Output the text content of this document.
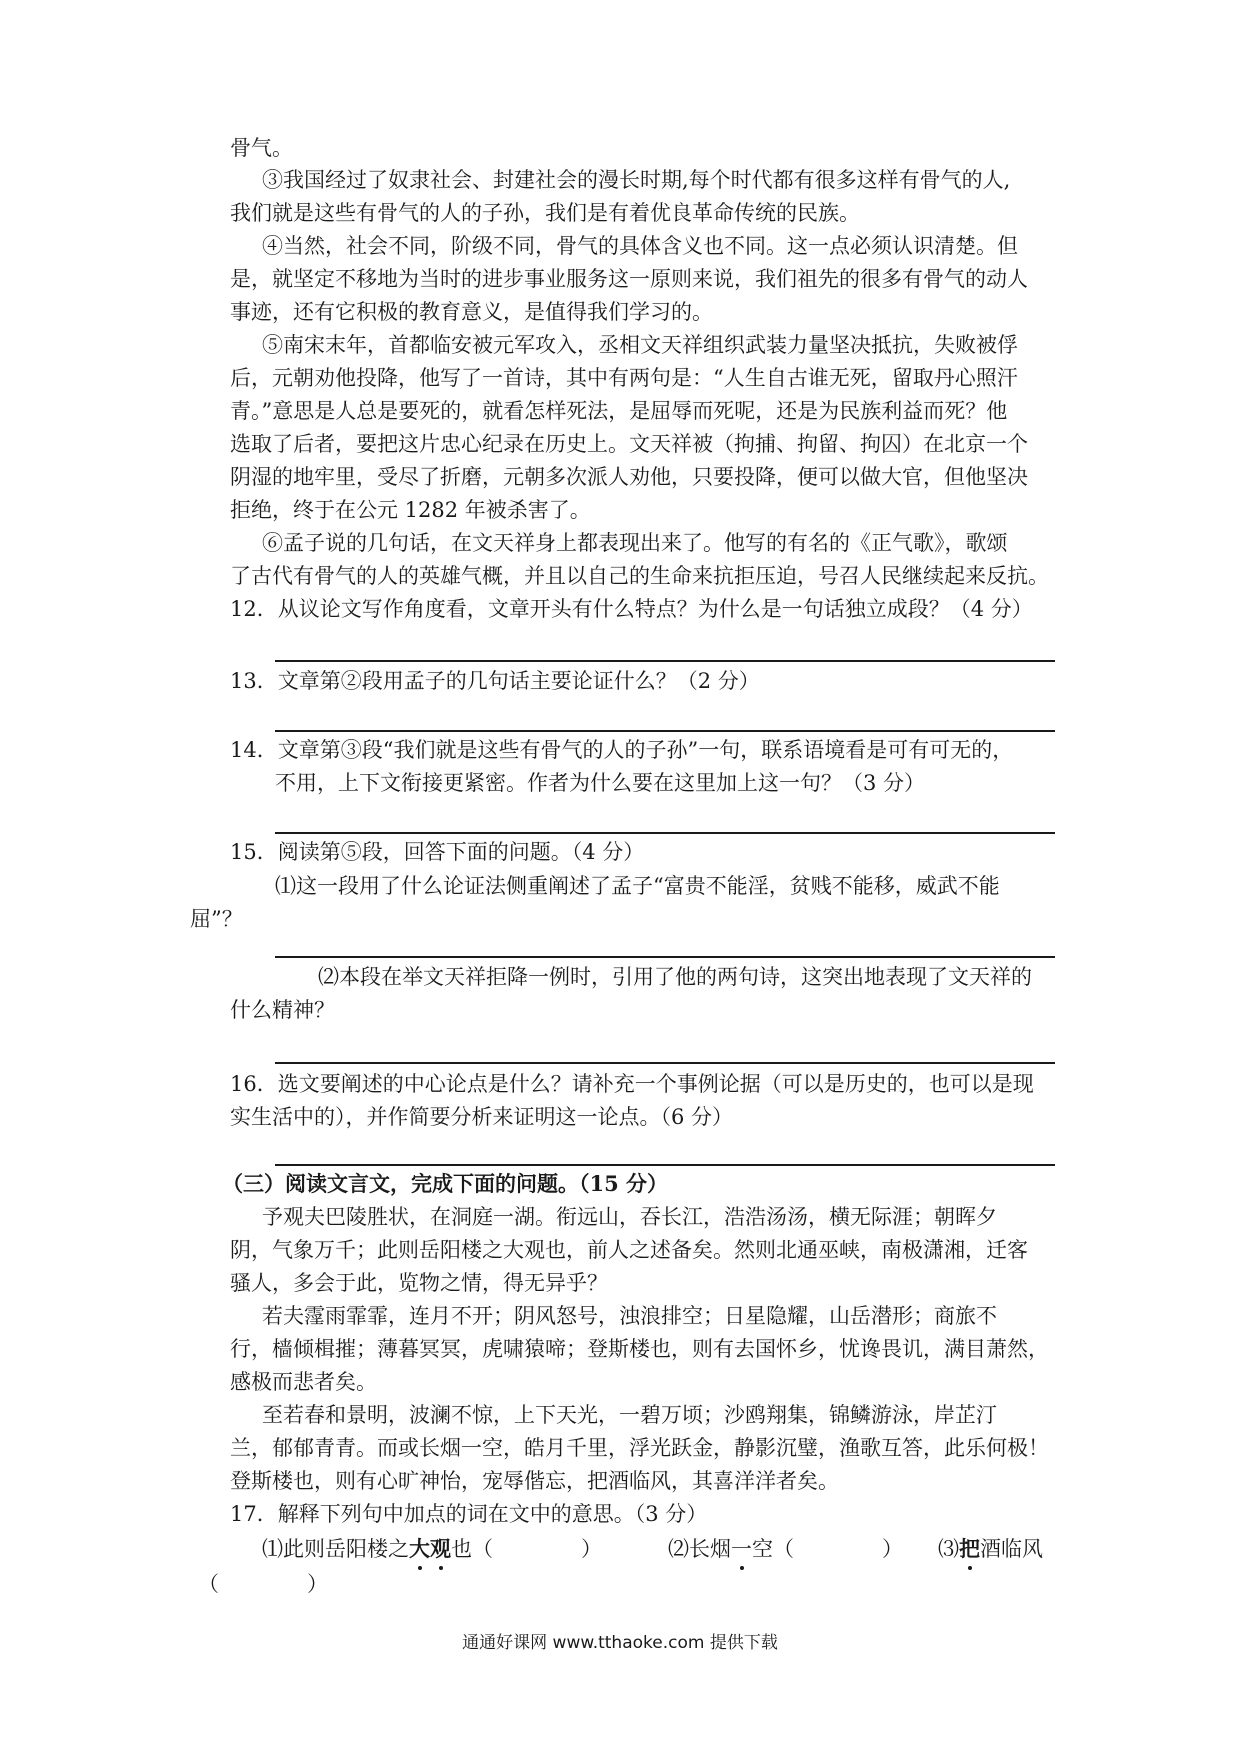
骨气。
③我国经过了奴隶社会、封建社会的漫长时期,每个时代都有很多这样有骨气的人,
我们就是这些有骨气的人的子孙，我们是有着优良革命传统的民族。
④当然，社会不同，阶级不同，骨气的具体含义也不同。这一点必须认识清楚。但
是，就坚定不移地为当时的进步事业服务这一原则来说，我们祖先的很多有骨气的动人
事迹，还有它积极的教育意义，是值得我们学习的。
⑤南宋末年，首都临安被元军攻入，丞相文天祥组织武装力量坚决抵抗，失败被俘
后，元朝劝他投降，他写了一首诗，其中有两句是：“人生自古谁无死，留取丹心照汗
青。”意思是人总是要死的，就看怎样死法，是屈辱而死呢，还是为民族利益而死？他
选取了后者，要把这片忠心纪录在历史上。文天祥被（拘捕、拘留、拘囚）在北京一个
阴湿的地牢里，受尽了折磨，元朝多次派人劝他，只要投降，便可以做大官，但他坚决
拒绝，终于在公元 1282 年被杀害了。
⑥孟子说的几句话，在文天祥身上都表现出来了。他写的有名的《正气歌》，歌颂
了古代有骨气的人的英雄气概，并且以自己的生命来抗拒压迫，号召人民继续起来反抗。
12．从议论文写作角度看，文章开头有什么特点？为什么是一句话独立成段？（4 分）
13．文章第②段用孟子的几句话主要论证什么？（2 分）
14．文章第③段“我们就是这些有骨气的人的子孙”一句，联系语境看是可有可无的，
不用，上下文衔接更紧密。作者为什么要在这里加上这一句？（3 分）
15．阅读第⑤段，回答下面的问题。（4 分）
⑴这一段用了什么论证法侧重阐述了孟子“富贵不能淫，贫贱不能移，威武不能
屈”？
⑵本段在举文天祥拒降一例时，引用了他的两句诗，这突出地表现了文天祥的
什么精神？
16．选文要阐述的中心论点是什么？请补充一个事例论据（可以是历史的，也可以是现
实生活中的），并作简要分析来证明这一论点。（6 分）
（三）阅读文言文，完成下面的问题。（15 分）
予观夫巴陵胜状，在洞庭一湖。衔远山，吞长江，浩浩汤汤，横无际涯；朝晖夕
阴，气象万千；此则岳阳楼之大观也，前人之述备矣。然则北通巫峡，南极潇湘，迁客
骚人，多会于此，览物之情，得无异乎？
若夫霪雨霏霏，连月不开；阴风怒号，浊浪排空；日星隐耀，山岳潜形；商旅不
行，樯倾楫摧；薄暮冥冥，虎啸猿啼；登斯楼也，则有去国怀乡，忧谗畏讥，满目萧然，
感极而悲者矣。
至若春和景明，波澜不惊，上下天光，一碧万顷；沙鸥翔集，锦鳞游泳，岸芷汀
兰，郁郁青青。而或长烟一空，皓月千里，浮光跃金，静影沉璧，渔歌互答，此乐何极！
登斯楼也，则有心旷神怡，宠辱偕忘，把酒临风，其喜洋洋者矣。
17．解释下列句中加点的词在文中的意思。（3 分）
⑴此则岳阳楼之大观也（	）	⑵长烟一空（	） ⑶把酒临风
（	）
通通好课网 www.tthaoke.com 提供下载
